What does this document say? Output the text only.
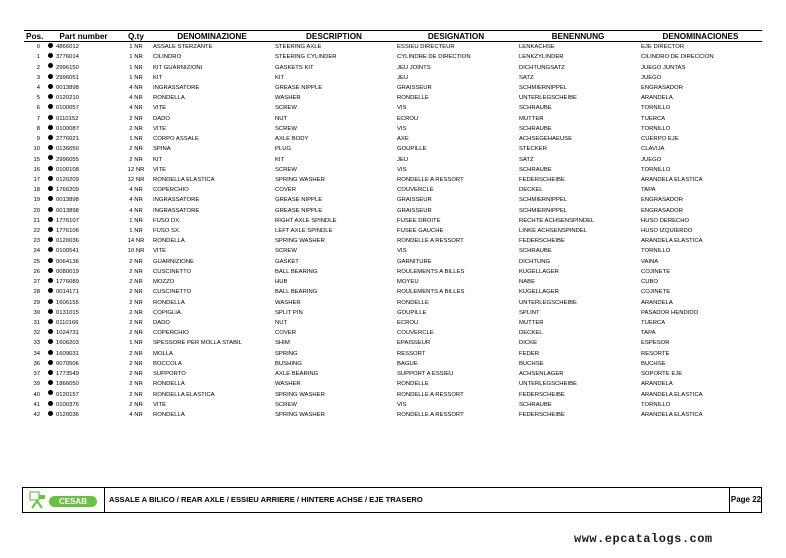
Pos.	Part number	Q.ty	DENOMINAZIONE	DESCRIPTION	DESIGNATION	BENENNUNG	DENOMINACIONES
0	4866012	1 NR	ASSALE STERZANTE	STEERING AXLE	ESSIEU DIRECTEUR	LENKACHSE	EJE DIRECTOR
1	3776014	1 NR	CILINDRO	STEERING CYLINDER	CYLINDRE DE DIRECTION	LENKZYLINDER	CILINDRO DE DIRECCION
2	2996150	1 NR	KIT GUARNIZIONI	GASKETS KIT	JEU JOINTS	DICHTUNGSATZ	JUEGO JUNTAS
3	2996051	1 NR	KIT	KIT	JEU	SATZ	JUEGO
4	0013898	4 NR	INGRASSATORE	GREASE NIPPLE	GRAISSEUR	SCHMIERNIPPEL	ENGRASADOR
5	0120210	4 NR	RONDELLA	WASHER	RONDELLE	UNTERLEGSCHEIBE	ARANDELA
6	0100057	4 NR	VITE	SCREW	VIS	SCHRAUBE	TORNILLO
7	0110152	2 NR	DADO	NUT	ECROU	MUTTER	TUERCA
8	0100087	2 NR	VITE	SCREW	VIS	SCHRAUBE	TORNILLO
9	2776021	1 NR	CORPO ASSALE	AXLE BODY	AXE	ACHSEGEHAEUSE	CUERPO EJE
10	0136050	2 NR	SPINA	PLUG	GOUPILLE	STECKER	CLAVIJA
15	2996055	2 NR	KIT	KIT	JEU	SATZ	JUEGO
16	0100108	12 NR	VITE	SCREW	VIS	SCHRAUBE	TORNILLO
17	0120209	12 NR	RONDELLA ELASTICA	SPRING WASHER	RONDELLE A RESSORT	FEDERSCHEIBE	ARANDELA ELASTICA
18	1766209	4 NR	COPERCHIO	COVER	COUVERCLE	DECKEL	TAPA
19	0013898	4 NR	INGRASSATORE	GREASE NIPPLE	GRAISSEUR	SCHMIERNIPPEL	ENGRASADOR
20	0013898	4 NR	INGRASSATORE	GREASE NIPPLE	GRAISSEUR	SCHMIERNIPPEL	ENGRASADOR
21	1776107	1 NR	FUSO DX.	RIGHT AXLE SPINDLE	FUSEE DROITE	RECHTE ACHSENSPINDEL	HUSO DERECHO
22	1776106	1 NR	FUSO SX.	LEFT AXLE SPINDLE	FUSEE GAUCHE	LINKE ACHSENSPINDEL	HUSO IZQUIERDO
23	0120036	14 NR	RONDELLA	SPRING WASHER	RONDELLE A RESSORT	FEDERSCHEIBE	ARANDELA ELASTICA
24	0100541	10 NR	VITE	SCREW	VIS	SCHRAUBE	TORNILLO
25	0064136	2 NR	GUARNIZIONE	GASKET	GARNITURE	DICHTUNG	VAINA
26	0080019	2 NR	CUSCINETTO	BALL BEARING	ROULEMENTS A BILLES	KUGELLAGER	COJINETE
27	1776089	2 NR	MOZZO	HUB	MOYEU	NABE	CUBO
28	0014171	2 NR	CUSCINETTO	BALL BEARING	ROULEMENTS A BILLES	KUGELLAGER	COJINETE
29	1606155	2 NR	RONDELLA	WASHER	RONDELLE	UNTERLEGSCHEIBE	ARANDELA
30	0131015	2 NR	COPIGLIA	SPLIT PIN	GOUPILLE	SPLINT	PASADOR HENDIDO
31	0110166	2 NR	DADO	NUT	ECROU	MUTTER	TUERCA
32	1024731	2 NR	COPERCHIO	COVER	COUVERCLE	DECKEL	TAPA
33	1606203	1 NR	SPESSORE PER MOLLA STABIL	SHIM	EPAISSEUR	DICKE	ESPESOR
34	1609031	2 NR	MOLLA	SPRING	RESSORT	FEDER	RESORTE
36	0070506	2 NR	BOCCOLA	BUSHING	BAGUE	BUCHSE	BUCHSE
37	1773549	2 NR	SUPPORTO	AXLE BEARING	SUPPORT A ESSIEU	ACHSENLAGER	SOPORTE EJE
39	1866050	2 NR	RONDELLA	WASHER	RONDELLE	UNTERLEGSCHEIBE	ARANDELA
40	0120157	2 NR	RONDELLA ELASTICA	SPRING WASHER	RONDELLE A RESSORT	FEDERSCHEIBE	ARANDELA ELASTICA
41	0100376	2 NR	VITE	SCREW	VIS	SCHRAUBE	TORNILLO
42	0120036	4 NR	RONDELLA	SPRING WASHER	RONDELLE A RESSORT	FEDERSCHEIBE	ARANDELA ELASTICA
CESAB	ASSALE A BILICO / REAR AXLE / ESSIEU ARRIERE / HINTERE ACHSE / EJE TRASERO	Page 22
www.epcatalogs.com
